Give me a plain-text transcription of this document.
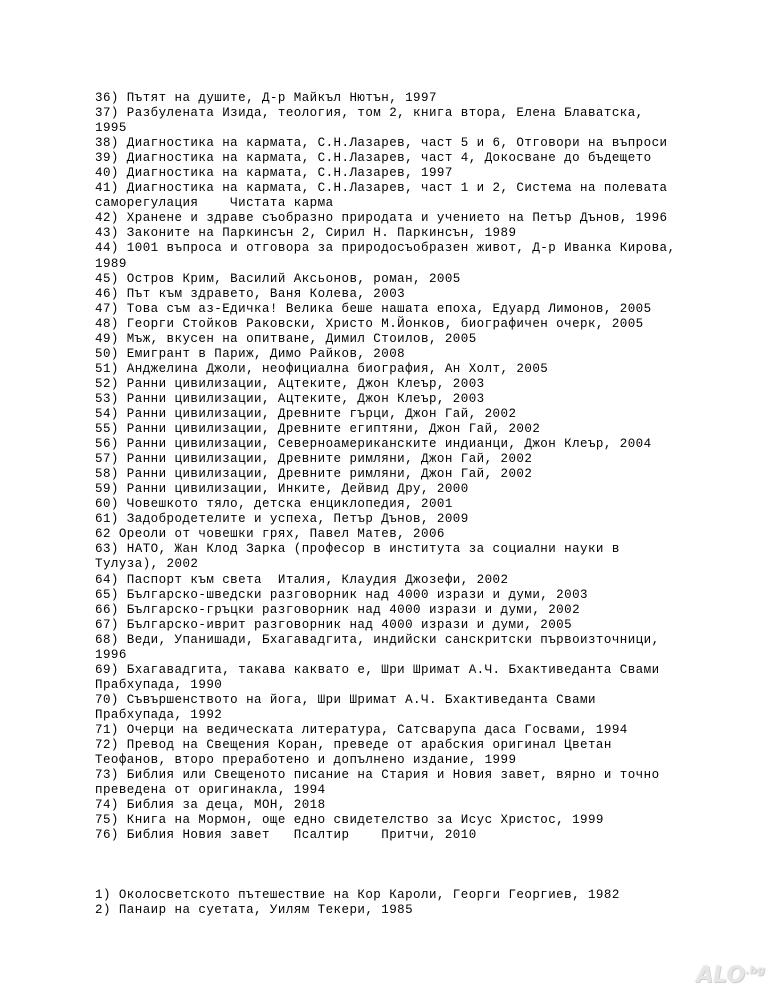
36) Пътят на душите, Д-р Майкъл Нютън, 1997
37) Разбулената Изида, теология, том 2, книга втора, Елена Блаватска,
1995
38) Диагностика на кармата, С.Н.Лазарев, част 5 и 6, Отговори на въпроси
39) Диагностика на кармата, С.Н.Лазарев, част 4, Докосване до бъдещето
40) Диагностика на кармата, С.Н.Лазарев, 1997
41) Диагностика на кармата, С.Н.Лазарев, част 1 и 2, Система на полевата
саморегулация    Чистата карма
42) Хранене и здраве съобразно природата и учението на Петър Дънов, 1996
43) Законите на Паркинсън 2, Сирил Н. Паркинсън, 1989
44) 1001 въпроса и отговора за природосъобразен живот, Д-р Иванка Кирова,
1989
45) Остров Крим, Василий Аксьонов, роман, 2005
46) Път към здравето, Ваня Колева, 2003
47) Това съм аз-Едичка! Велика беше нашата епоха, Едуард Лимонов, 2005
48) Георги Стойков Раковски, Христо М.Йонков, биографичен очерк, 2005
49) Мъж, вкусен на опитване, Димил Стоилов, 2005
50) Емигрант в Париж, Димо Райков, 2008
51) Анджелина Джоли, неофициална биография, Ан Холт, 2005
52) Ранни цивилизации, Ацтеките, Джон Клеър, 2003
53) Ранни цивилизации, Ацтеките, Джон Клеър, 2003
54) Ранни цивилизации, Древните гърци, Джон Гай, 2002
55) Ранни цивилизации, Древните египтяни, Джон Гай, 2002
56) Ранни цивилизации, Северноамериканските индианци, Джон Клеър, 2004
57) Ранни цивилизации, Древните римляни, Джон Гай, 2002
58) Ранни цивилизации, Древните римляни, Джон Гай, 2002
59) Ранни цивилизации, Инките, Дейвид Дру, 2000
60) Човешкото тяло, детска енциклопедия, 2001
61) Задобродетелите и успеха, Петър Дънов, 2009
62 Ореоли от човешки грях, Павел Матев, 2006
63) НАТО, Жан Клод Зарка (професор в института за социални науки в
Тулуза), 2002
64) Паспорт към света  Италия, Клаудия Джозефи, 2002
65) Българско-шведски разговорник над 4000 изрази и думи, 2003
66) Българско-гръцки разговорник над 4000 изрази и думи, 2002
67) Българско-иврит разговорник над 4000 изрази и думи, 2005
68) Веди, Упанишади, Бхагавадгита, индийски санскритски първоизточници,
1996
69) Бхагавадгита, такава каквато е, Шри Шримат А.Ч. Бхактиведанта Свами
Прабхупада, 1990
70) Съвършенството на йога, Шри Шримат А.Ч. Бхактиведанта Свами
Прабхупада, 1992
71) Очерци на ведическата литература, Сатсварупа даса Госвами, 1994
72) Превод на Свещения Коран, преведе от арабския оригинал Цветан
Теофанов, второ преработено и допълнено издание, 1999
73) Библия или Свещеното писание на Стария и Новия завет, вярно и точно
преведена от оригинакла, 1994
74) Библия за деца, МОН, 2018
75) Книга на Мормон, още едно свидетелство за Исус Христос, 1999
76) Библия Новия завет   Псалтир    Притчи, 2010
1) Околосветското пътешествие на Кор Кароли, Георги Георгиев, 1982
2) Панаир на суетата, Уилям Текери, 1985
$ALO^{.bg}$
